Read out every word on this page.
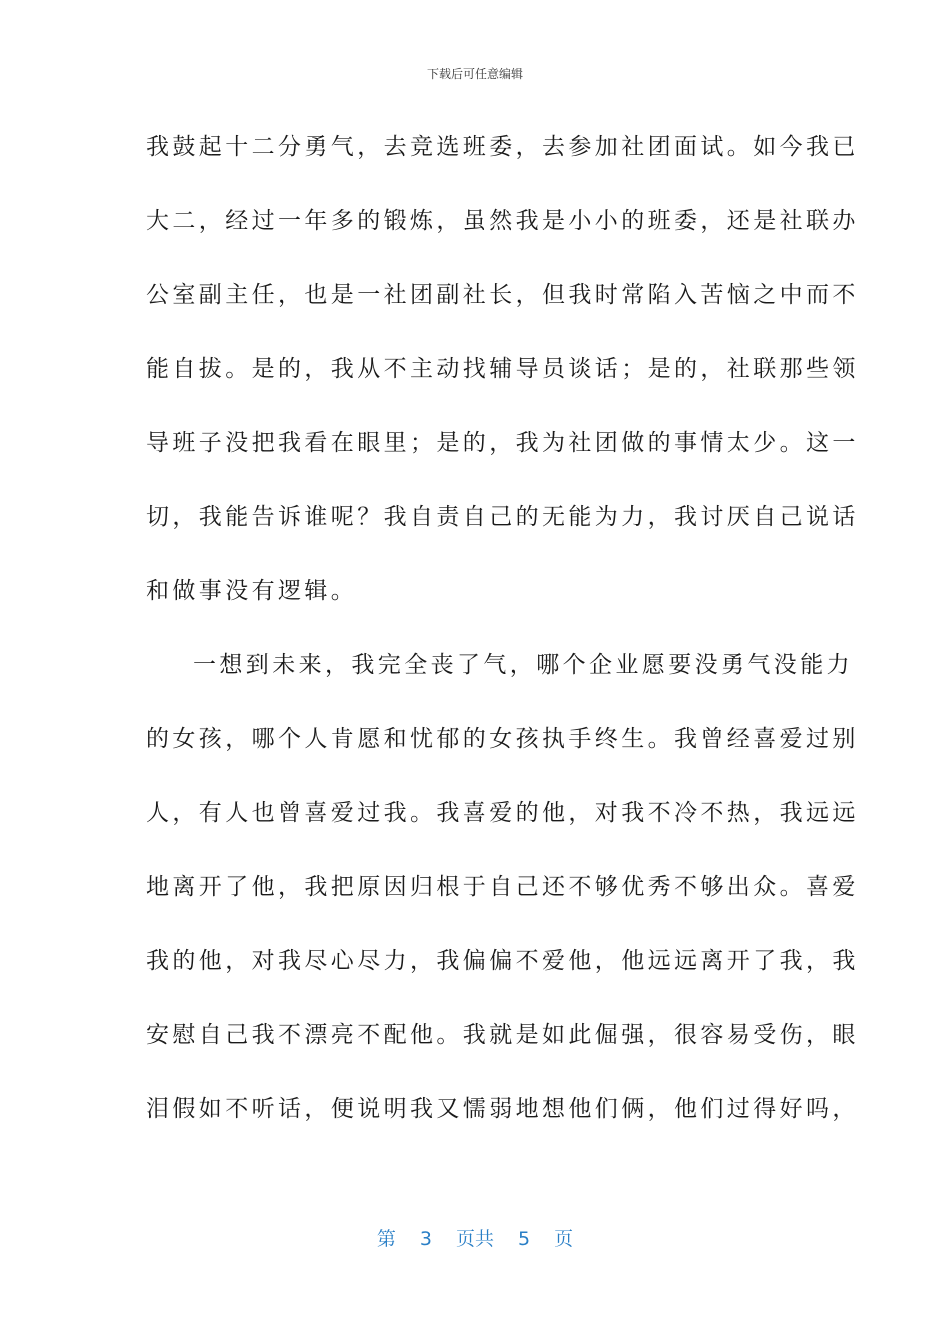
下载后可任意编辑
我鼓起十二分勇气，去竞选班委，去参加社团面试。如今我已
大二，经过一年多的锻炼，虽然我是小小的班委，还是社联办
公室副主任，也是一社团副社长，但我时常陷入苦恼之中而不
能自拔。是的，我从不主动找辅导员谈话；是的，社联那些领
导班子没把我看在眼里；是的，我为社团做的事情太少。这一
切，我能告诉谁呢？我自责自己的无能为力，我讨厌自己说话
和做事没有逻辑。
一想到未来，我完全丧了气，哪个企业愿要没勇气没能力
的女孩，哪个人肯愿和忧郁的女孩执手终生。我曾经喜爱过别
人，有人也曾喜爱过我。我喜爱的他，对我不冷不热，我远远
地离开了他，我把原因归根于自己还不够优秀不够出众。喜爱
我的他，对我尽心尽力，我偏偏不爱他，他远远离开了我，我
安慰自己我不漂亮不配他。我就是如此倔强，很容易受伤，眼
泪假如不听话，便说明我又懦弱地想他们俩，他们过得好吗，
第 3 页共 5 页
